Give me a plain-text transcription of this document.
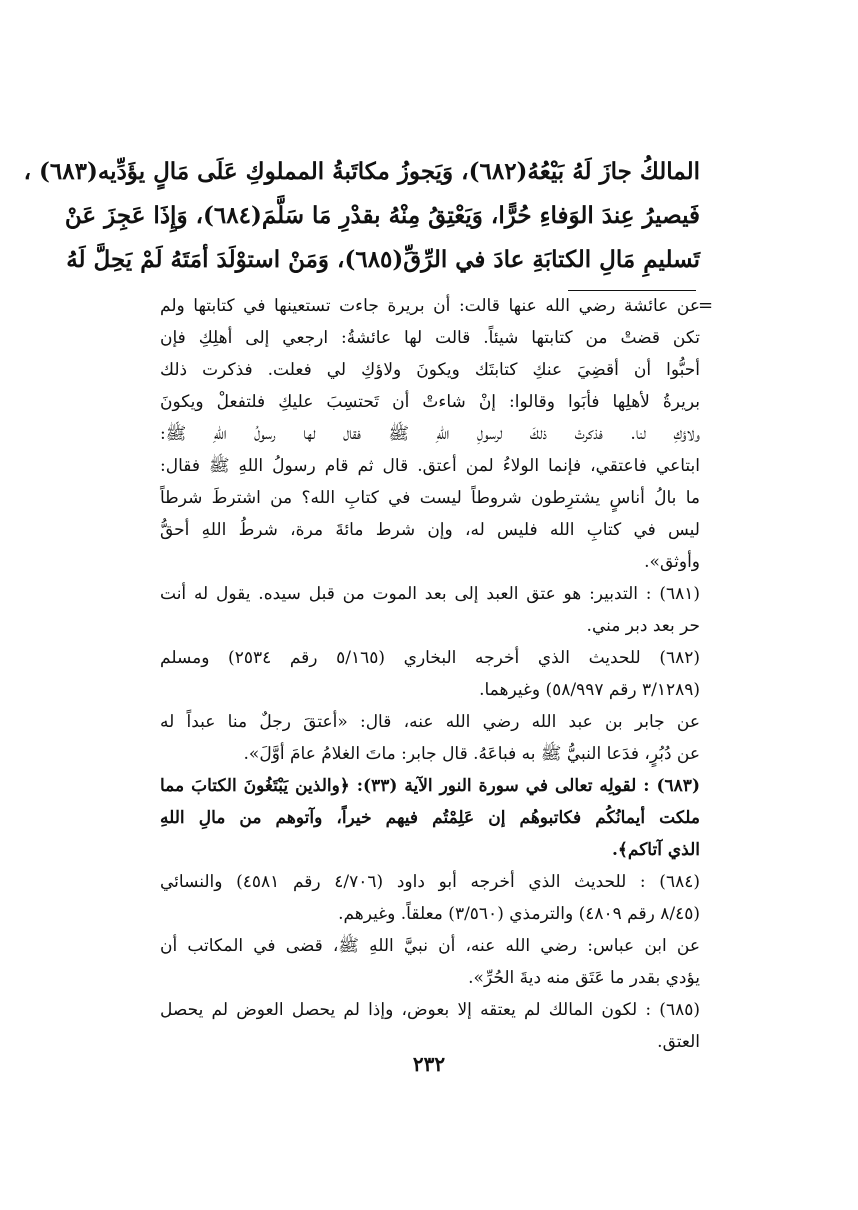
المالكُ جازَ لَهُ بَيْعُهُ(٦٨٢)، وَيَجوزُ مكاتَبةُ المملوكِ عَلَى مَالٍ يؤَدِّيه(٦٨٣) ،
فَيصيرُ عِندَ الوَفاءِ حُرًّا، وَيَعْتِقُ مِنْهُ بقدْرِ مَا سَلَّمَ(٦٨٤)، وَإِذَا عَجِزَ عَنْ
تَسليمِ مَالِ الكتابَةِ عادَ في الرِّقِّ(٦٨٥)، وَمَنْ استوْلَدَ أمَتَهُ لَمْ يَحِلَّ لَهُ
=
عن عائشة رضي الله عنها قالت: أن بريرة جاءت تستعينها في كتابتها ولم
تكن قضتْ من كتابتها شيئاً. قالت لها عائشةُ: ارجعي إلى أهلِكِ فإن
أحبُّوا أن أقضِيَ عنكِ كتابتَك ويكونَ ولاؤكِ لي فعلت. فذكرت ذلك
بريرةُ لأهلِها فأبَوا وقالوا: إنْ شاءتْ أن تَحتسِبَ عليكِ فلتفعلْ ويكونَ
ولاؤكِ لنا. فذكرتْ ذلكَ لرسولِ اللهِ ﷺ فقال لها رسولُ اللهِ ﷺ:
ابتاعي فاعتقي، فإنما الولاءُ لمن أعتق. قال ثم قام رسولُ اللهِ ﷺ فقال:
ما بالُ أناسٍ يشترِطون شروطاً ليست في كتابِ الله؟ من اشترطَ شرطاً
ليس في كتابِ الله فليس له، وإن شرط مائةَ مرة، شرطُ اللهِ أحقُّ
وأوثق».
(٦٨١) : التدبير: هو عتق العبد إلى بعد الموت من قبل سيده. يقول له أنت
حر بعد دبر مني.
(٦٨٢) للحديث الذي أخرجه البخاري (٥/١٦٥ رقم ٢٥٣٤) ومسلم
(٣/١٢٨٩ رقم ٥٨/٩٩٧) وغيرهما.
عن جابر بن عبد الله رضي الله عنه، قال: «أعتقَ رجلٌ منا عبداً له
عن دُبُرٍ، فدَعا النبيُّ ﷺ به فباعَهُ. قال جابر: ماتَ الغلامُ عامَ أوَّلَ».
(٦٨٣) : لقولِه تعالى في سورة النور الآية (٣٣): ﴿والذين يَبْتَغُونَ الكتابَ مما
ملكت أيمانُكُم فكاتبوهُم إن عَلِمْتُم فيهم خيراً، وآتوهم من مالِ اللهِ
الذي آتاكم﴾.
(٦٨٤) : للحديث الذي أخرجه أبو داود (٤/٧٠٦ رقم ٤٥٨١) والنسائي
(٨/٤٥ رقم ٤٨٠٩) والترمذي (٣/٥٦٠) معلقاً. وغيرهم.
عن ابن عباس: رضي الله عنه، أن نبيَّ اللهِ ﷺ، قضى في المكاتب أن
يؤدي بقدر ما عَتَق منه ديةَ الحُرِّ».
(٦٨٥) : لكون المالك لم يعتقه إلا بعوض، وإذا لم يحصل العوض لم يحصل
العتق.
٢٣٢
